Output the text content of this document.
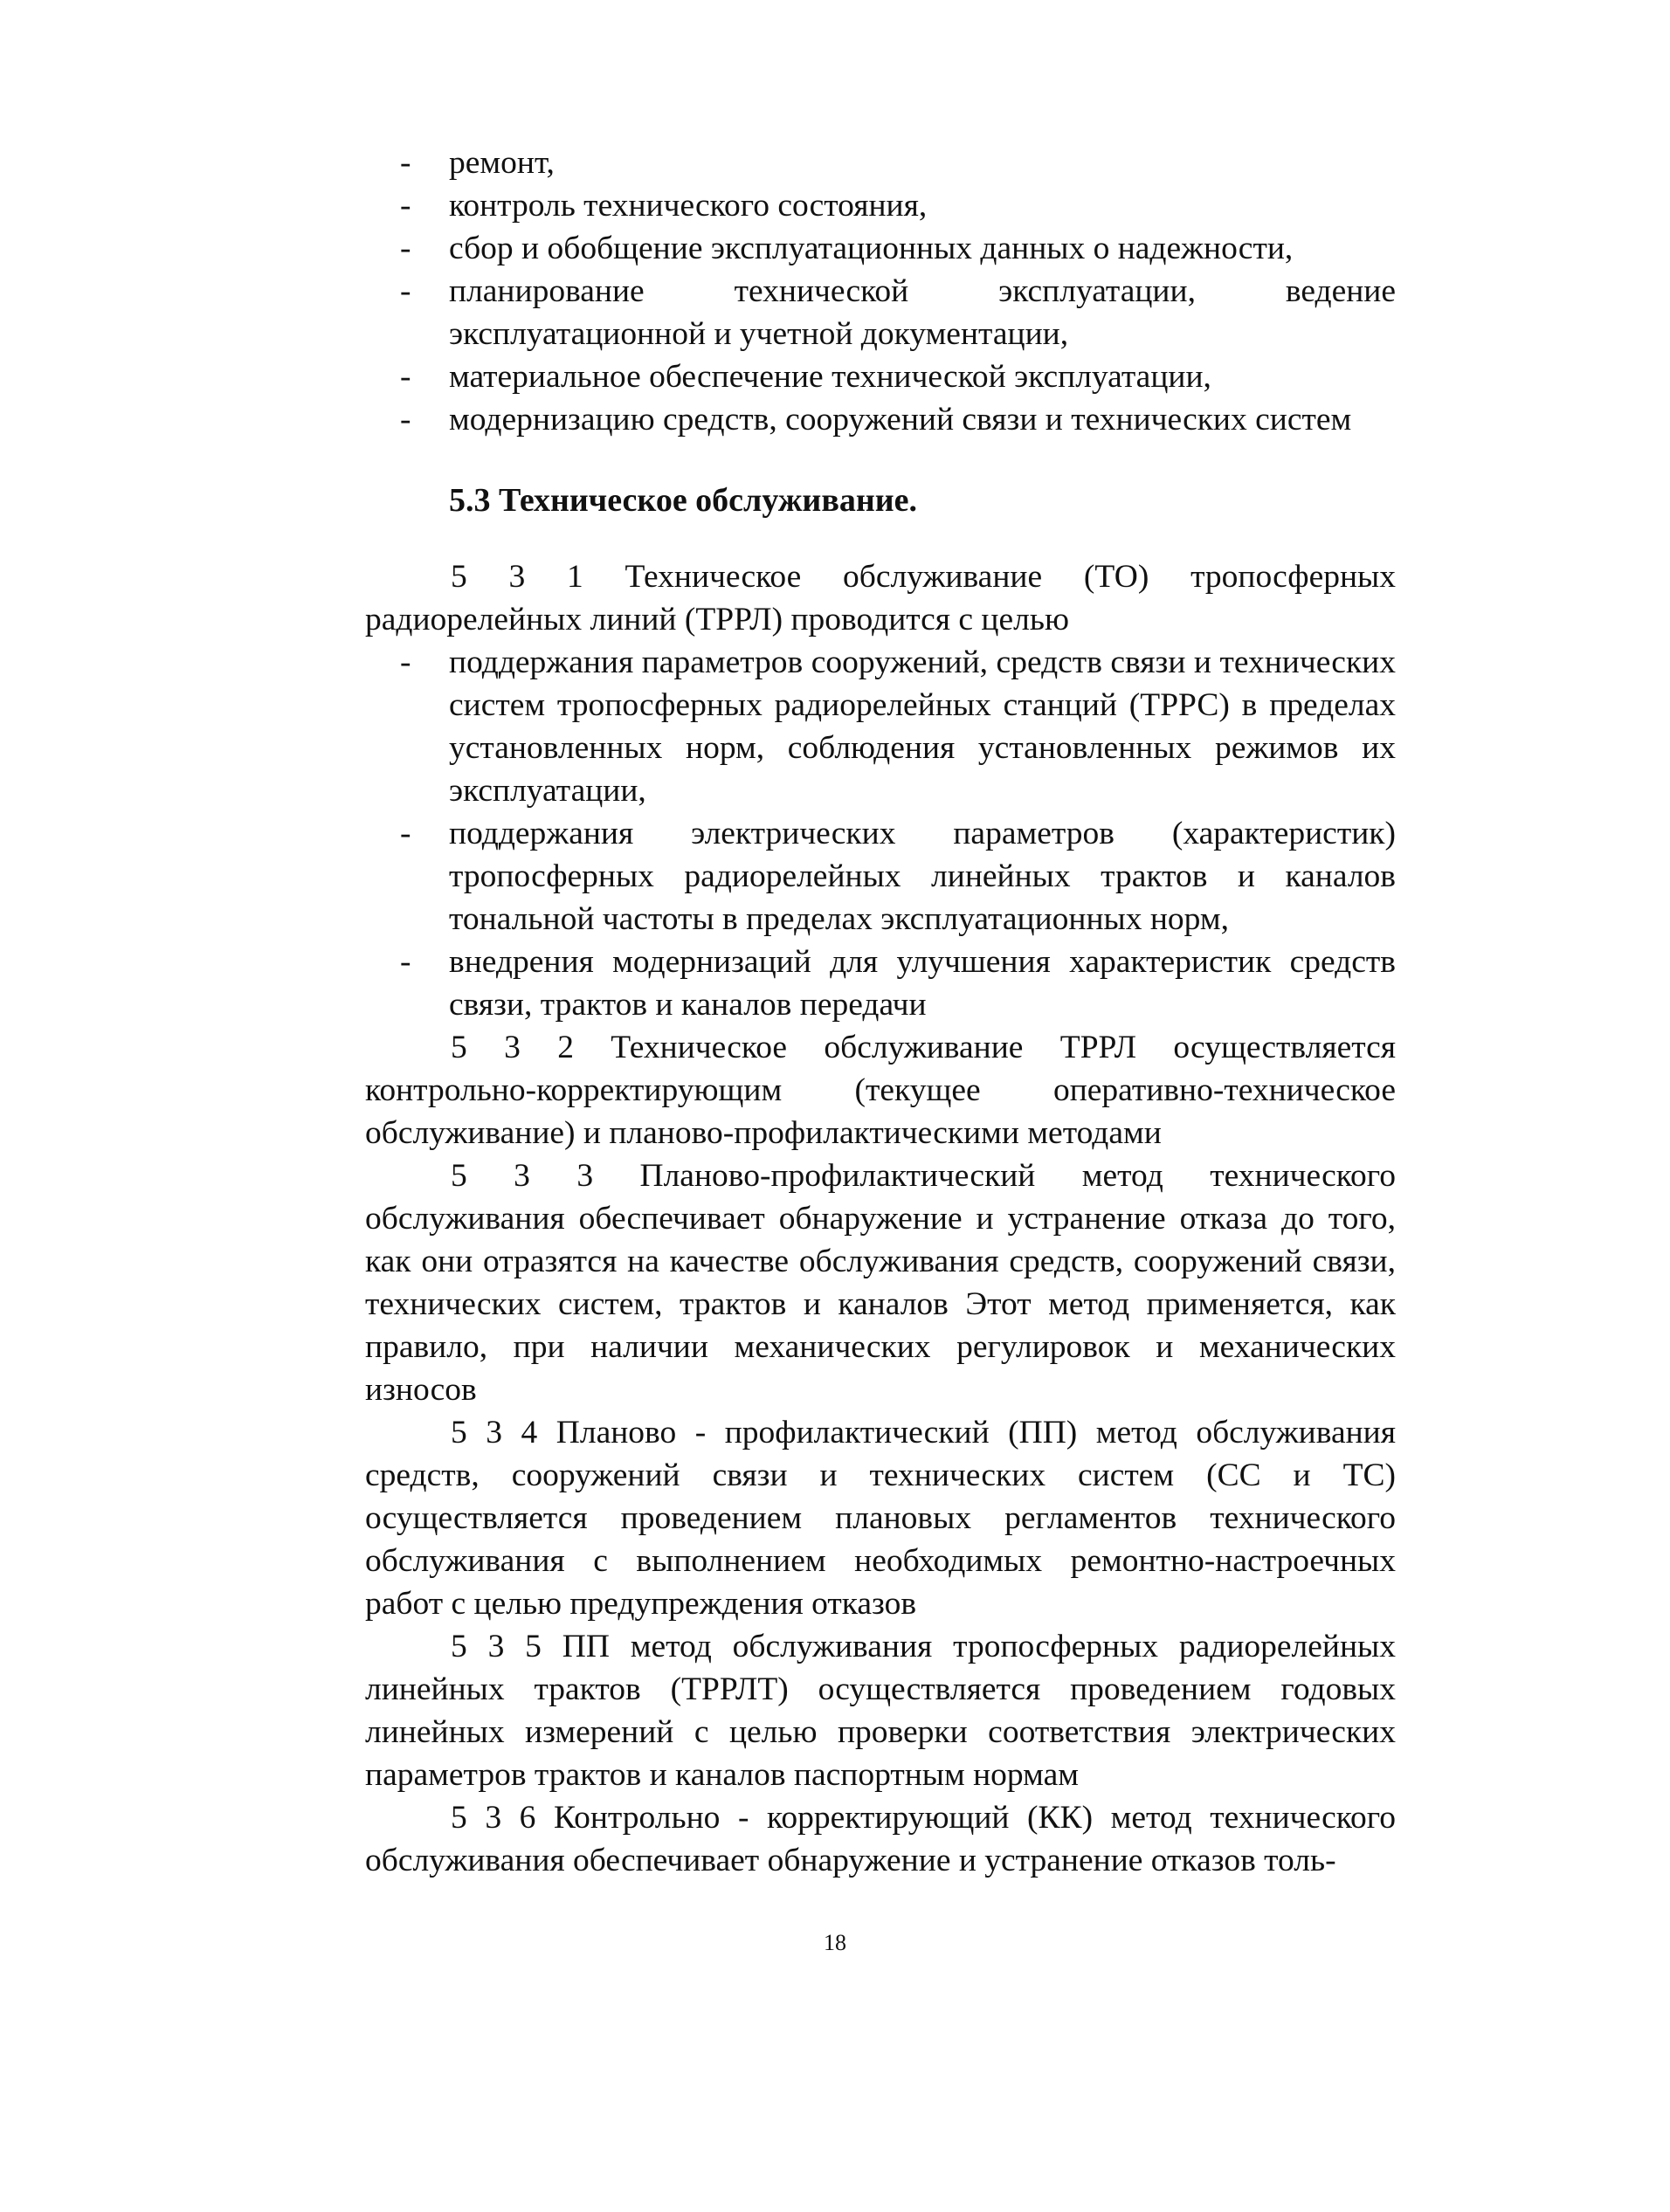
- ремонт,
- контроль технического состояния,
- сбор и обобщение эксплуатационных данных о надежности,
- планирование технической эксплуатации, ведение эксплуатационной и учетной документации,
- материальное обеспечение технической эксплуатации,
- модернизацию средств, сооружений связи и технических систем
5.3 Техническое обслуживание.

5 3 1 Техническое обслуживание (ТО) тропосферных радиорелейных линий (ТРРЛ) проводится с целью

- поддержания параметров сооружений, средств связи и технических систем тропосферных радиорелейных станций (ТРРС) в пределах установленных норм, соблюдения установленных режимов их эксплуатации,
- поддержания электрических параметров (характеристик) тропосферных радиорелейных линейных трактов и каналов тональной частоты в пределах эксплуатационных норм,
- внедрения модернизаций для улучшения характеристик средств связи, трактов и каналов передачи

5 3 2 Техническое обслуживание ТРРЛ осуществляется контрольно-корректирующим (текущее оперативно-техническое обслуживание) и планово-профилактическими методами

5 3 3 Планово-профилактический метод технического обслуживания обеспечивает обнаружение и устранение отказа до того, как они отразятся на качестве обслуживания средств, сооружений связи, технических систем, трактов и каналов Этот метод применяется, как правило, при наличии механических регулировок и механических износов

5 3 4 Планово - профилактический (ПП) метод обслуживания средств, сооружений связи и технических систем (СС и ТС) осуществляется проведением плановых регламентов технического обслуживания с выполнением необходимых ремонтно-настроечных работ с целью предупреждения отказов

5 3 5 ПП метод обслуживания тропосферных радиорелейных линейных трактов (ТРРЛТ) осуществляется проведением годовых линейных измерений с целью проверки соответствия электрических параметров трактов и каналов паспортным нормам

5 3 6 Контрольно - корректирующий (КК) метод технического обслуживания обеспечивает обнаружение и устранение отказов толь-

18
